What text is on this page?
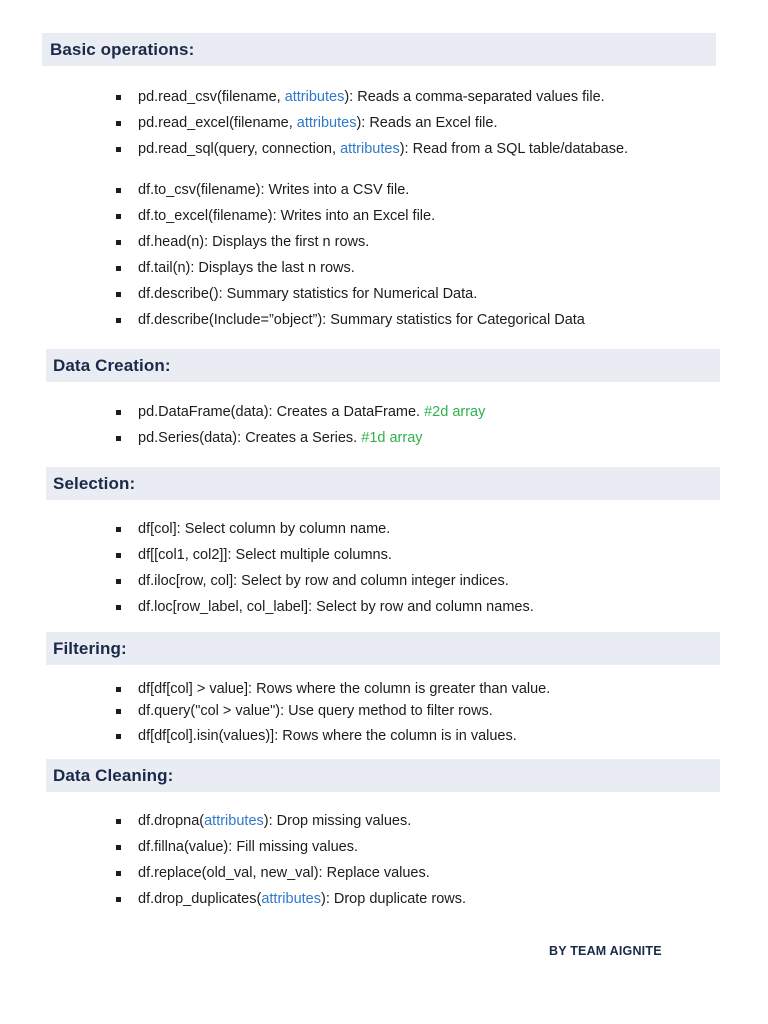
Basic operations:
pd.read_csv(filename, attributes): Reads a comma-separated values file.
pd.read_excel(filename, attributes): Reads an Excel file.
pd.read_sql(query, connection, attributes): Read from a SQL table/database.
df.to_csv(filename): Writes into a CSV file.
df.to_excel(filename): Writes into an Excel file.
df.head(n): Displays the first n rows.
df.tail(n): Displays the last n rows.
df.describe(): Summary statistics for Numerical Data.
df.describe(Include=”object”): Summary statistics for Categorical Data
Data Creation:
pd.DataFrame(data): Creates a DataFrame. #2d array
pd.Series(data): Creates a Series. #1d array
Selection:
df[col]: Select column by column name.
df[[col1, col2]]: Select multiple columns.
df.iloc[row, col]: Select by row and column integer indices.
df.loc[row_label, col_label]: Select by row and column names.
Filtering:
df[df[col] > value]: Rows where the column is greater than value.
df.query("col > value"): Use query method to filter rows.
df[df[col].isin(values)]: Rows where the column is in values.
Data Cleaning:
df.dropna(attributes): Drop missing values.
df.fillna(value): Fill missing values.
df.replace(old_val, new_val): Replace values.
df.drop_duplicates(attributes): Drop duplicate rows.
BY TEAM AIGNITE
